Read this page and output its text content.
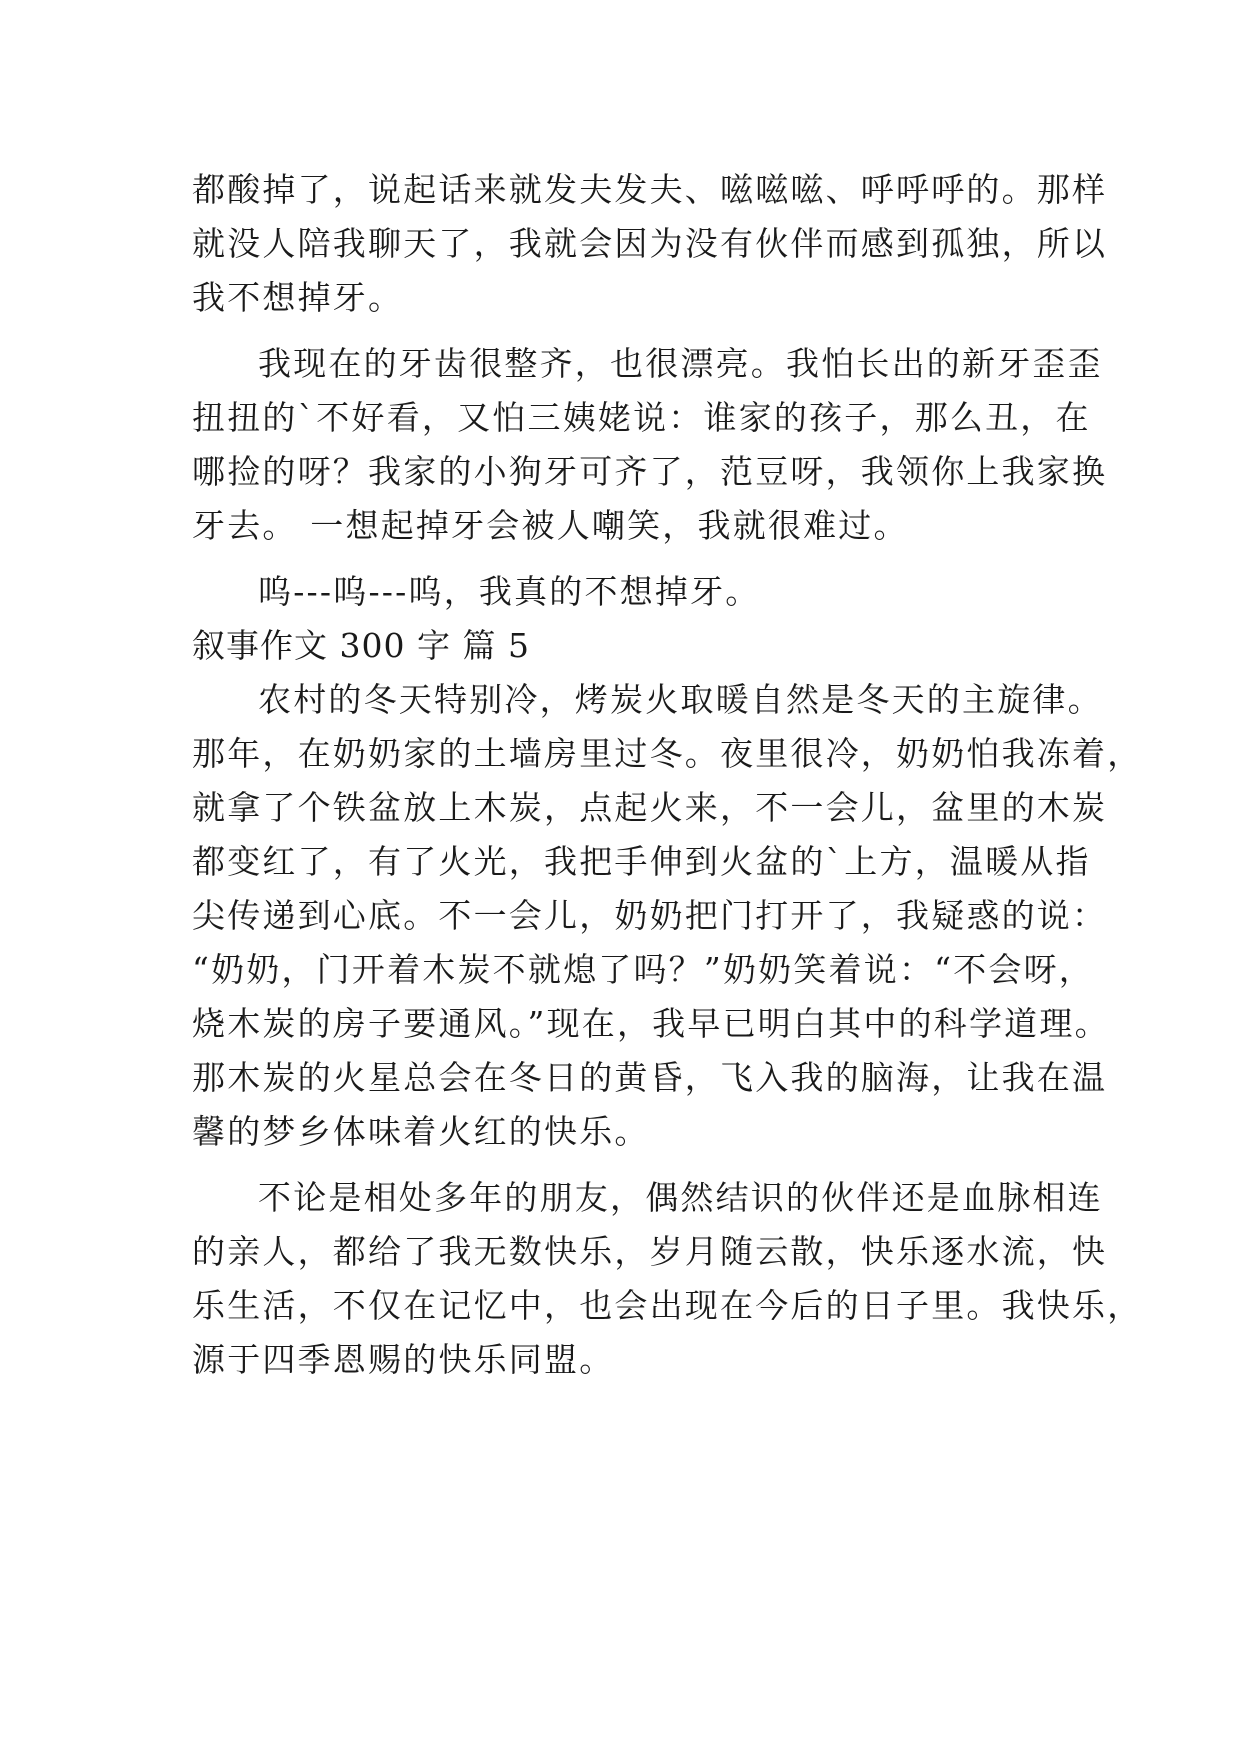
都酸掉了，说起话来就发夫发夫、嗞嗞嗞、呼呼呼的。那样
就没人陪我聊天了，我就会因为没有伙伴而感到孤独，所以
我不想掉牙。
我现在的牙齿很整齐，也很漂亮。我怕长出的新牙歪歪
扭扭的`不好看，又怕三姨姥说：谁家的孩子，那么丑，在
哪捡的呀？我家的小狗牙可齐了，范豆呀，我领你上我家换
牙去。 一想起掉牙会被人嘲笑，我就很难过。
呜---呜---呜，我真的不想掉牙。
叙事作文 300 字 篇 5
农村的冬天特别冷，烤炭火取暖自然是冬天的主旋律。
那年，在奶奶家的土墙房里过冬。夜里很冷，奶奶怕我冻着，
就拿了个铁盆放上木炭，点起火来，不一会儿，盆里的木炭
都变红了，有了火光，我把手伸到火盆的`上方，温暖从指
尖传递到心底。不一会儿，奶奶把门打开了，我疑惑的说：
“奶奶，门开着木炭不就熄了吗？”奶奶笑着说：“不会呀，
烧木炭的房子要通风。”现在，我早已明白其中的科学道理。
那木炭的火星总会在冬日的黄昏，飞入我的脑海，让我在温
馨的梦乡体味着火红的快乐。
不论是相处多年的朋友，偶然结识的伙伴还是血脉相连
的亲人，都给了我无数快乐，岁月随云散，快乐逐水流，快
乐生活，不仅在记忆中，也会出现在今后的日子里。我快乐，
源于四季恩赐的快乐同盟。
